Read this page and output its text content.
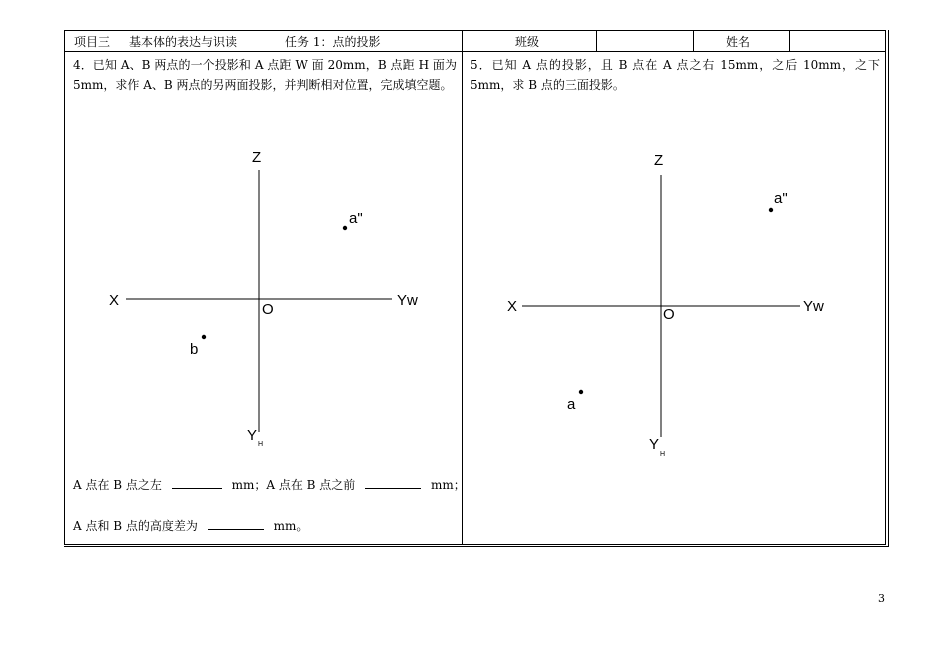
项目三 基本体的表达与识读	任务 1：点的投影	班级	姓名
4．已知 A、B 两点的一个投影和 A 点距 W 面 20mm，B 点距 H 面为 5mm，求作 A、B 两点的另两面投影，并判断相对位置，完成填空题。
Z
X	Yw
O
Y
H
a"
b
A 点在 B 点之左	mm；A 点在 B 点之前	mm；
A 点和 B 点的高度差为	mm。
5．已知 A 点的投影，且 B 点在 A 点之右 15mm，之后 10mm，之下 5mm，求 B 点的三面投影。
Z
X	Yw
O
Y
H
a"
a
3
